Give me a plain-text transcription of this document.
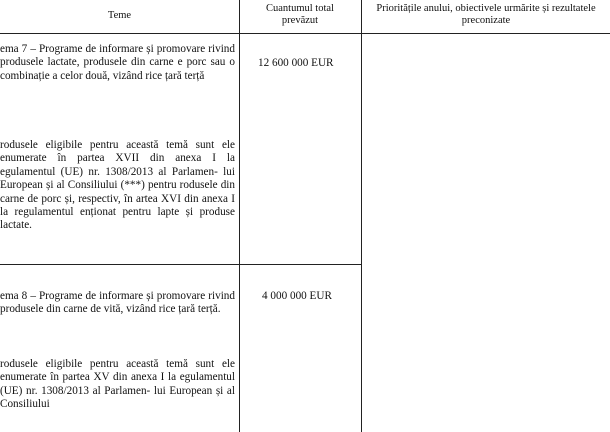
Teme
Cuantumul total prevăzut
Prioritățile anului, obiectivele urmărite și rezultatele preconizate
ema 7 – Programe de informare și promovare rivind produsele lactate, produsele din carne e porc sau o combinație a celor două, vizând rice țară terță
rodusele eligibile pentru această temă sunt ele enumerate în partea XVII din anexa I la egulamentul (UE) nr. 1308/2013 al Parlamen- lui European și al Consiliului (***) pentru rodusele din carne de porc și, respectiv, în artea XVI din anexa I la regulamentul enționat pentru lapte și produse lactate.
12 600 000 EUR
ema 8 – Programe de informare și promovare rivind produsele din carne de vită, vizând rice țară terță.
rodusele eligibile pentru această temă sunt ele enumerate în partea XV din anexa I la egulamentul (UE) nr. 1308/2013 al Parlamen- lui European și al Consiliului
4 000 000 EUR
